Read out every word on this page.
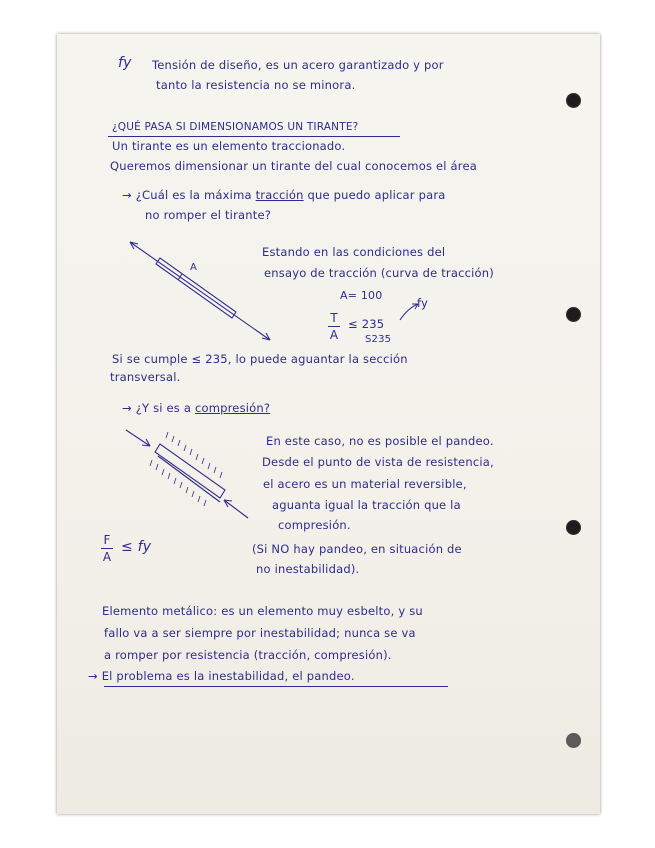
fy Tensión de diseño, es un acero garantizado y por
tanto la resistencia no se minora.
¿QUÉ PASA SI DIMENSIONAMOS UN TIRANTE?
Un tirante es un elemento traccionado.
Queremos dimensionar un tirante del cual conocemos el área
→ ¿Cuál es la máxima tracción que puedo aplicar para
no romper el tirante?
A
Estando en las condiciones del
ensayo de tracción (curva de tracción)
A= 100
fy
T
A
≤ 235
S235
Si se cumple ≤ 235, lo puede aguantar la sección
transversal.
→ ¿Y si es a compresión?
En este caso, no es posible el pandeo.
Desde el punto de vista de resistencia,
el acero es un material reversible,
aguanta igual la tracción que la
compresión.
F
A
≤ fy	(Si NO hay pandeo, en situación de
no inestabilidad).
Elemento metálico: es un elemento muy esbelto, y su
fallo va a ser siempre por inestabilidad; nunca se va
a romper por resistencia (tracción, compresión).
→ El problema es la inestabilidad, el pandeo.
